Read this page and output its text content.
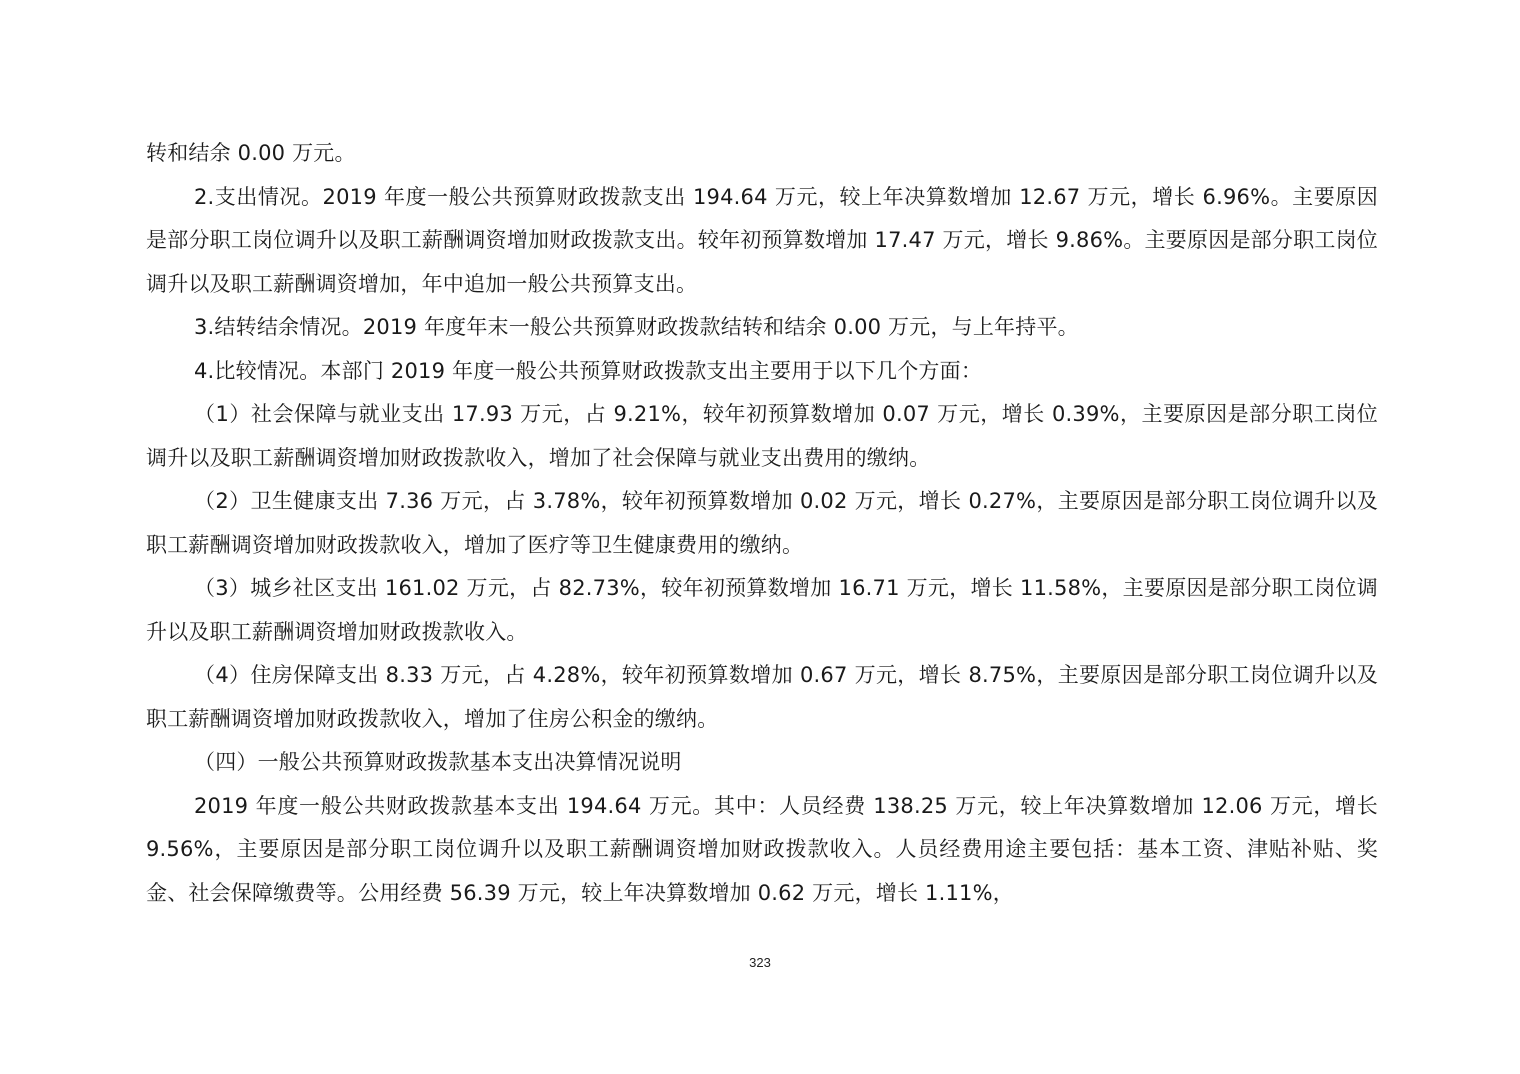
转和结余 0.00 万元。

2.支出情况。2019 年度一般公共预算财政拨款支出 194.64 万元，较上年决算数增加 12.67 万元，增长 6.96%。主要原因是部分职工岗位调升以及职工薪酬调资增加财政拨款支出。较年初预算数增加 17.47 万元，增长 9.86%。主要原因是部分职工岗位调升以及职工薪酬调资增加，年中追加一般公共预算支出。

3.结转结余情况。2019 年度年末一般公共预算财政拨款结转和结余 0.00 万元，与上年持平。

4.比较情况。本部门 2019 年度一般公共预算财政拨款支出主要用于以下几个方面：

（1）社会保障与就业支出 17.93 万元，占 9.21%，较年初预算数增加 0.07 万元，增长 0.39%，主要原因是部分职工岗位调升以及职工薪酬调资增加财政拨款收入，增加了社会保障与就业支出费用的缴纳。

（2）卫生健康支出 7.36 万元，占 3.78%，较年初预算数增加 0.02 万元，增长 0.27%，主要原因是部分职工岗位调升以及职工薪酬调资增加财政拨款收入，增加了医疗等卫生健康费用的缴纳。

（3）城乡社区支出 161.02 万元，占 82.73%，较年初预算数增加 16.71 万元，增长 11.58%，主要原因是部分职工岗位调升以及职工薪酬调资增加财政拨款收入。

（4）住房保障支出 8.33 万元，占 4.28%，较年初预算数增加 0.67 万元，增长 8.75%，主要原因是部分职工岗位调升以及职工薪酬调资增加财政拨款收入，增加了住房公积金的缴纳。

（四）一般公共预算财政拨款基本支出决算情况说明

2019 年度一般公共财政拨款基本支出 194.64 万元。其中：人员经费 138.25 万元，较上年决算数增加 12.06 万元，增长 9.56%，主要原因是部分职工岗位调升以及职工薪酬调资增加财政拨款收入。人员经费用途主要包括：基本工资、津贴补贴、奖金、社会保障缴费等。公用经费 56.39 万元，较上年决算数增加 0.62 万元，增长 1.11%，

323
